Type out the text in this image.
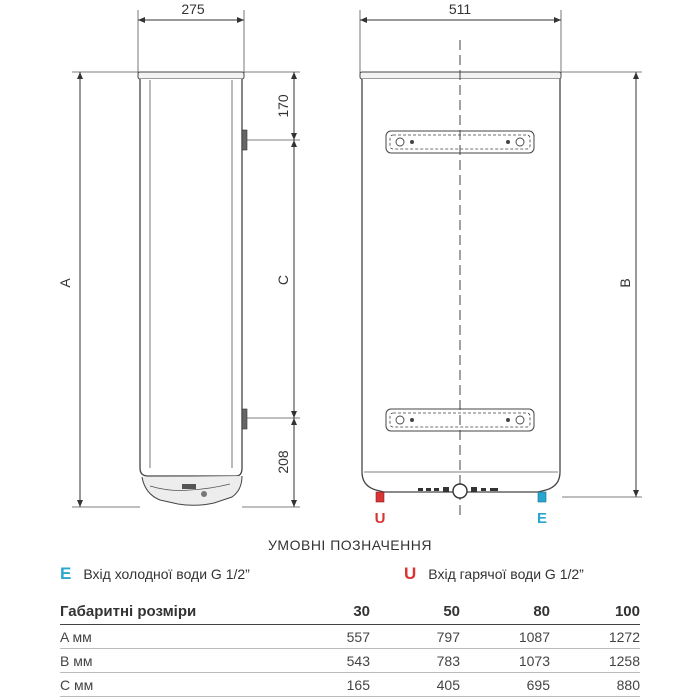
275
A	C
170
208
511
U	E
B
УМОВНІ ПОЗНАЧЕННЯ
E Вхід холодної води G 1/2”	U Вхід гарячої води G 1/2”
Габаритні розміри	30	50	80	100
A мм	557	797	1087	1272
B мм	543	783	1073	1258
C мм	165	405	695	880
